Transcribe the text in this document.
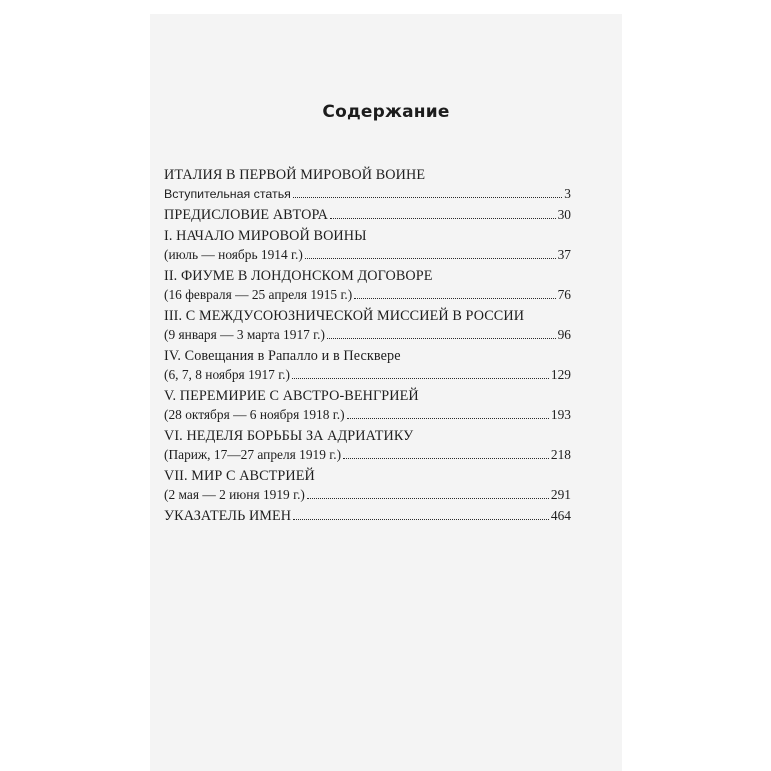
Содержание
ИТАЛИЯ В ПЕРВОЙ МИРОВОЙ ВОИНЕ
Вступительная статья	3
ПРЕДИСЛОВИЕ АВТОРА	30
I. НАЧАЛО МИРОВОЙ ВОИНЫ
(июль — ноябрь 1914 г.)	37
II. ФИУМЕ В ЛОНДОНСКОМ ДОГОВОРЕ
(16 февраля — 25 апреля 1915 г.)	76
III. С МЕЖДУСОЮЗНИЧЕСКОЙ МИССИЕЙ В РОССИИ
(9 января — 3 марта 1917 г.)	96
IV. Совещания в Рапалло и в Песквере
(6, 7, 8 ноября 1917 г.)	129
V. ПЕРЕМИРИЕ С АВСТРО-ВЕНГРИЕЙ
(28 октября — 6 ноября 1918 г.)	193
VI. НЕДЕЛЯ БОРЬБЫ ЗА АДРИАТИКУ
(Париж, 17—27 апреля 1919 г.)	218
VII. МИР С АВСТРИЕЙ
(2 мая — 2 июня 1919 г.)	291
УКАЗАТЕЛЬ ИМЕН	464
